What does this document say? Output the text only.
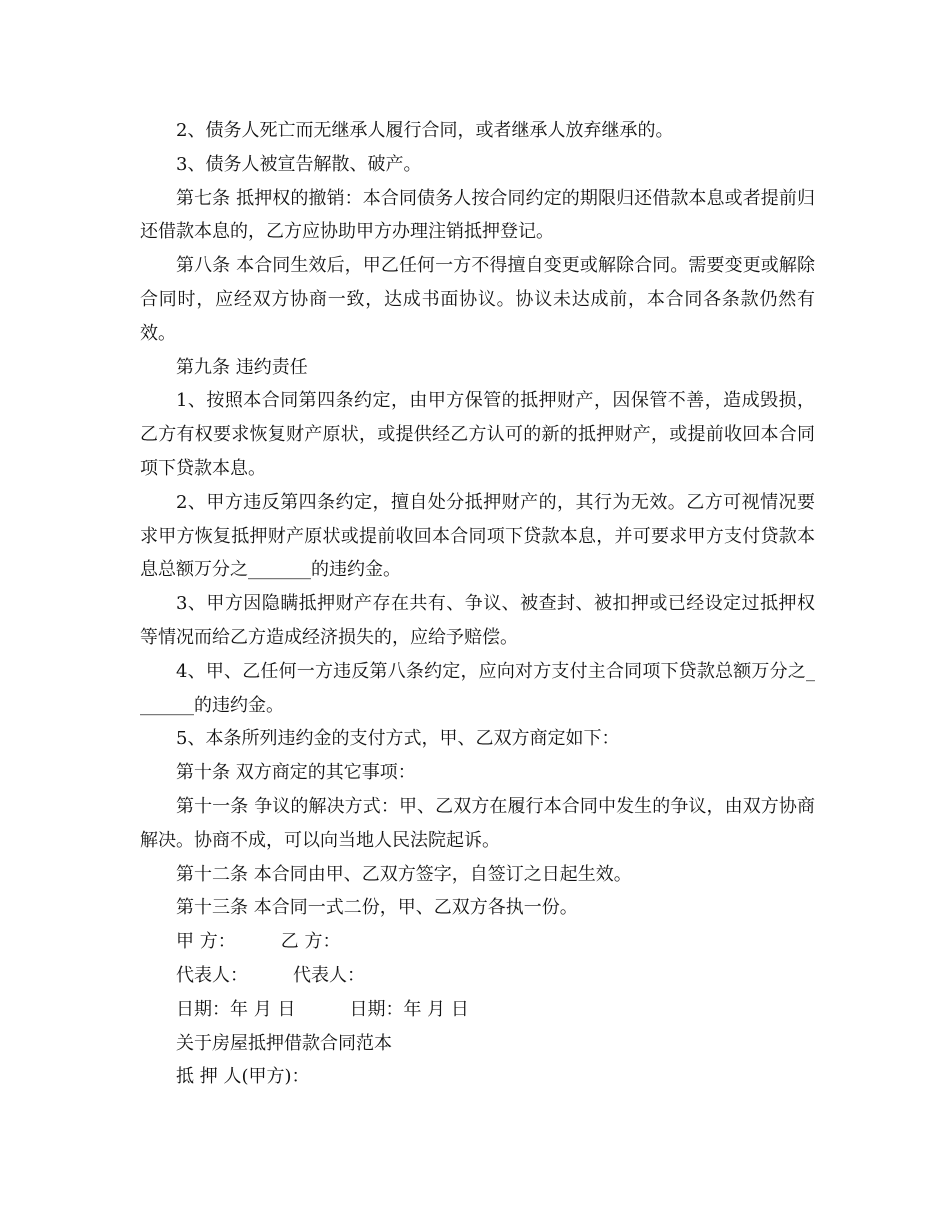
2、债务人死亡而无继承人履行合同，或者继承人放弃继承的。

3、债务人被宣告解散、破产。

第七条 抵押权的撤销：本合同债务人按合同约定的期限归还借款本息或者提前归还借款本息的，乙方应协助甲方办理注销抵押登记。

第八条 本合同生效后，甲乙任何一方不得擅自变更或解除合同。需要变更或解除合同时，应经双方协商一致，达成书面协议。协议未达成前，本合同各条款仍然有效。

第九条 违约责任

1、按照本合同第四条约定，由甲方保管的抵押财产，因保管不善，造成毁损，乙方有权要求恢复财产原状，或提供经乙方认可的新的抵押财产，或提前收回本合同项下贷款本息。

2、甲方违反第四条约定，擅自处分抵押财产的，其行为无效。乙方可视情况要求甲方恢复抵押财产原状或提前收回本合同项下贷款本息，并可要求甲方支付贷款本息总额万分之_______的违约金。

3、甲方因隐瞒抵押财产存在共有、争议、被查封、被扣押或已经设定过抵押权等情况而给乙方造成经济损失的，应给予赔偿。

4、甲、乙任何一方违反第八条约定，应向对方支付主合同项下贷款总额万分之_______的违约金。

5、本条所列违约金的支付方式，甲、乙双方商定如下：

第十条 双方商定的其它事项：

第十一条 争议的解决方式：甲、乙双方在履行本合同中发生的争议，由双方协商解决。协商不成，可以向当地人民法院起诉。

第十二条 本合同由甲、乙双方签字，自签订之日起生效。

第十三条 本合同一式二份，甲、乙双方各执一份。

甲 方：　　　乙 方：

代表人：　　　代表人：

日期：年 月 日　　　日期：年 月 日

关于房屋抵押借款合同范本

抵 押 人(甲方)：
